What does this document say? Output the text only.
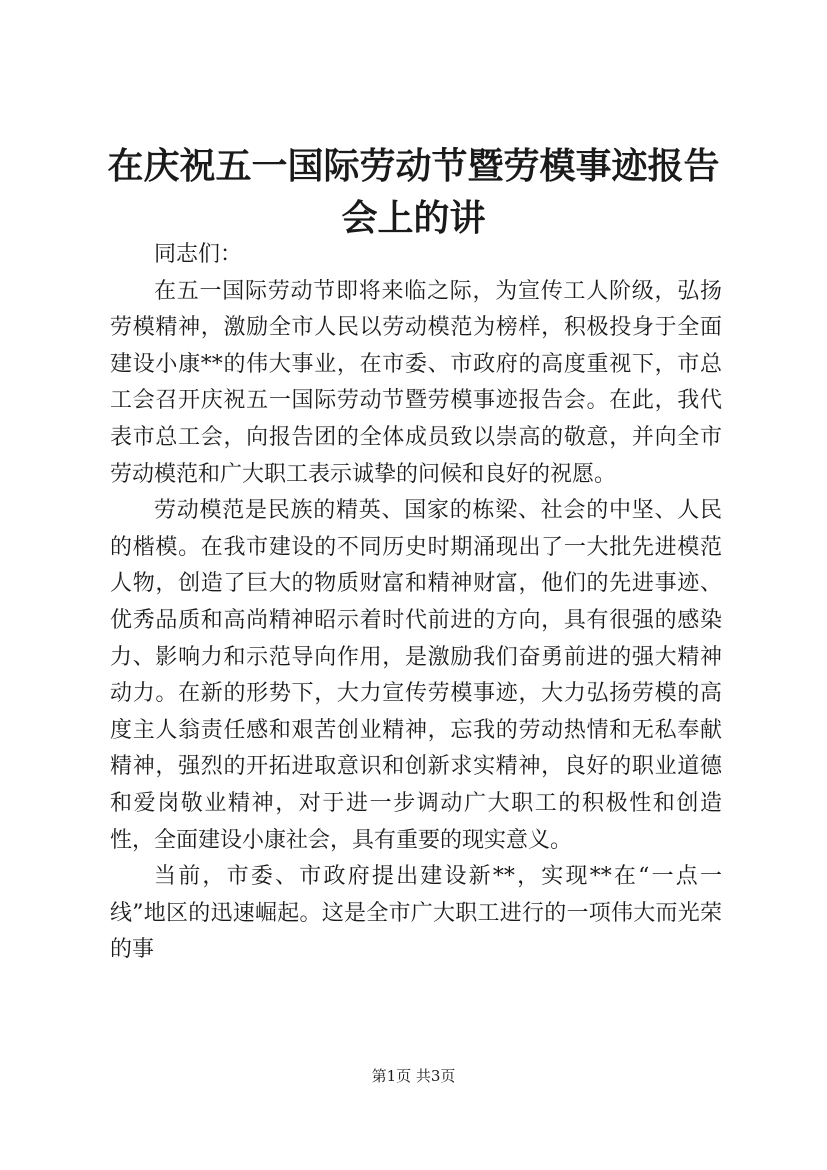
在庆祝五一国际劳动节暨劳模事迹报告会上的讲

同志们：

在五一国际劳动节即将来临之际，为宣传工人阶级，弘扬劳模精神，激励全市人民以劳动模范为榜样，积极投身于全面建设小康**的伟大事业，在市委、市政府的高度重视下，市总工会召开庆祝五一国际劳动节暨劳模事迹报告会。在此，我代表市总工会，向报告团的全体成员致以崇高的敬意，并向全市劳动模范和广大职工表示诚挚的问候和良好的祝愿。

劳动模范是民族的精英、国家的栋梁、社会的中坚、人民的楷模。在我市建设的不同历史时期涌现出了一大批先进模范人物，创造了巨大的物质财富和精神财富，他们的先进事迹、优秀品质和高尚精神昭示着时代前进的方向，具有很强的感染力、影响力和示范导向作用，是激励我们奋勇前进的强大精神动力。在新的形势下，大力宣传劳模事迹，大力弘扬劳模的高度主人翁责任感和艰苦创业精神，忘我的劳动热情和无私奉献精神，强烈的开拓进取意识和创新求实精神，良好的职业道德和爱岗敬业精神，对于进一步调动广大职工的积极性和创造性，全面建设小康社会，具有重要的现实意义。

当前，市委、市政府提出建设新**，实现**在“一点一线”地区的迅速崛起。这是全市广大职工进行的一项伟大而光荣的事

第1页 共3页
